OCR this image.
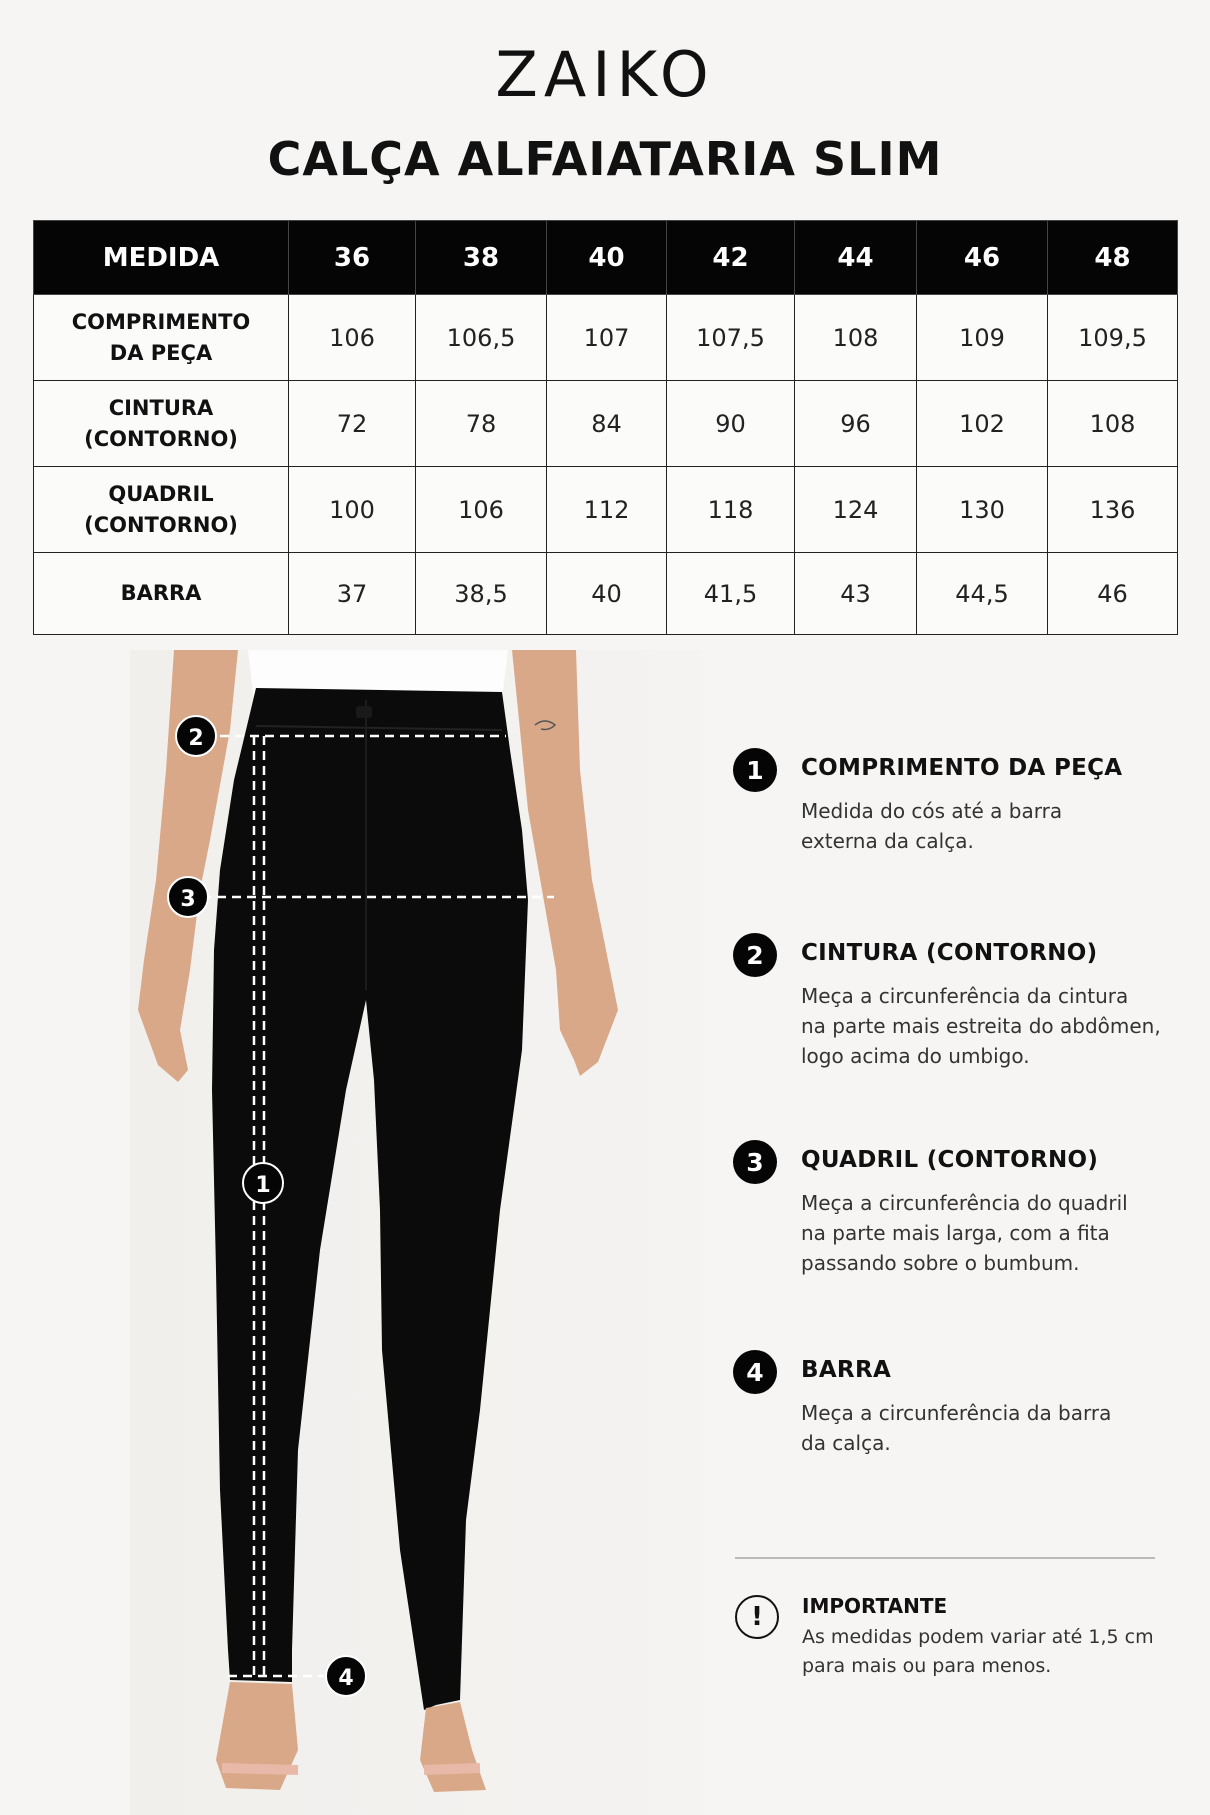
ZAIKO
CALÇA ALFAIATARIA SLIM
MEDIDA	36	38	40	42	44	46	48
COMPRIMENTO
DA PEÇA	106	106,5	107	107,5	108	109	109,5
CINTURA
(CONTORNO)	72	78	84	90	96	102	108
QUADRIL
(CONTORNO)	100	106	112	118	124	130	136
BARRA	37	38,5	40	41,5	43	44,5	46
2
3
1
4
1	COMPRIMENTO DA PEÇA
Medida do cós até a barra
externa da calça.
2	CINTURA (CONTORNO)
Meça a circunferência da cintura
na parte mais estreita do abdômen,
logo acima do umbigo.
3	QUADRIL (CONTORNO)
Meça a circunferência do quadril
na parte mais larga, com a fita
passando sobre o bumbum.
4	BARRA
Meça a circunferência da barra
da calça.
!	IMPORTANTE
As medidas podem variar até 1,5 cm
para mais ou para menos.
